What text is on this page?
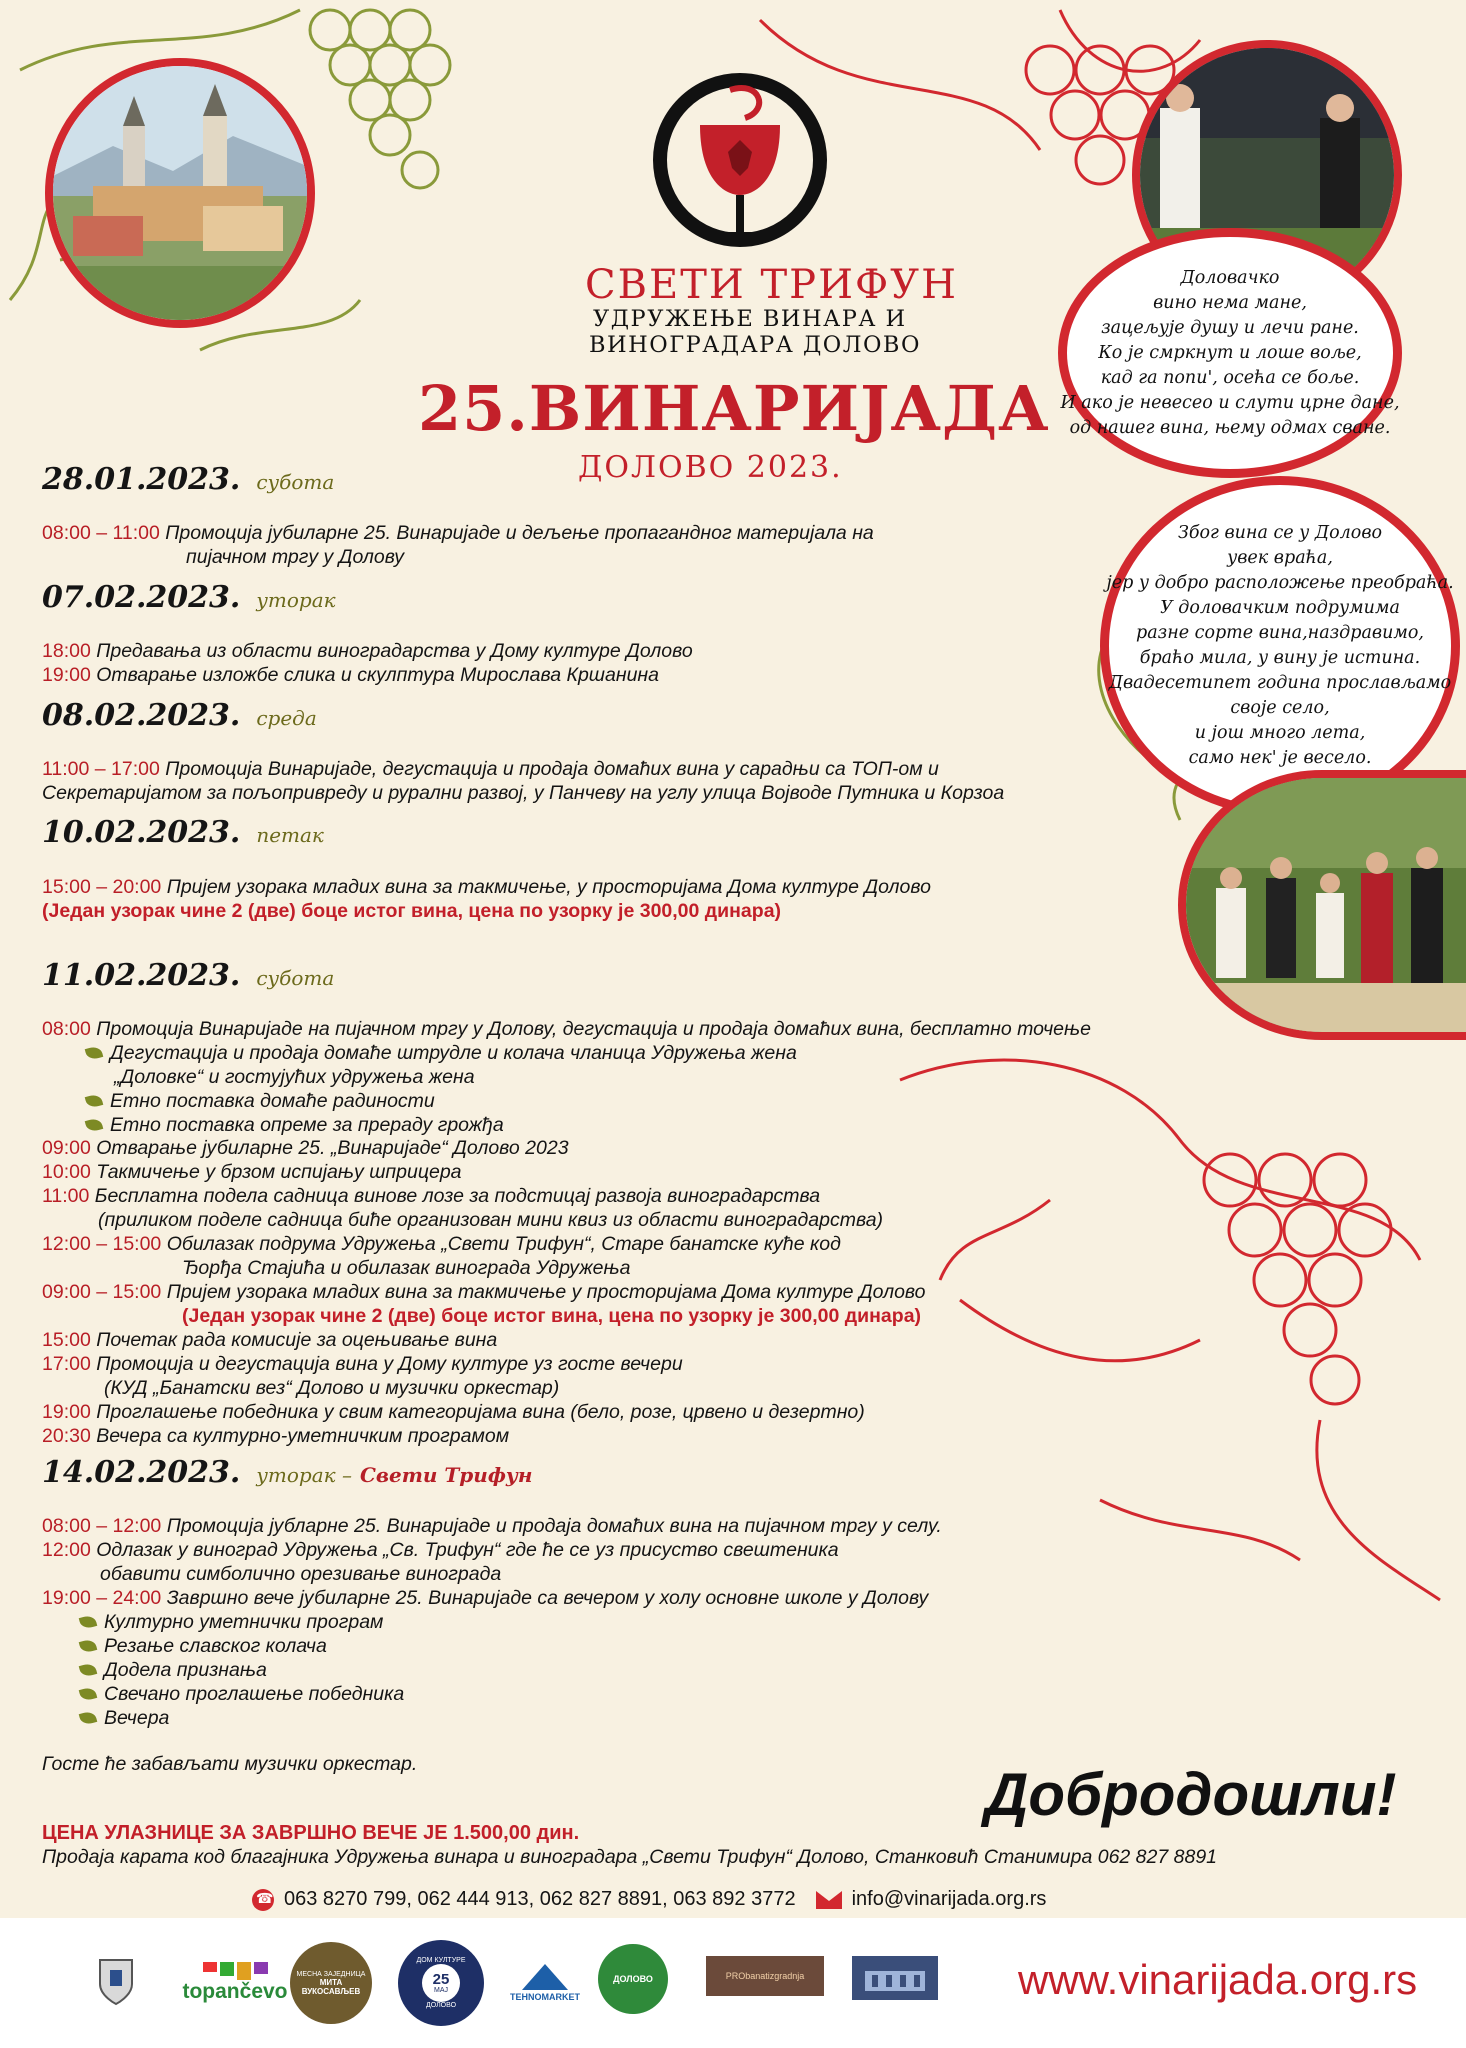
СВЕТИ ТРИФУН
УДРУЖЕЊЕ ВИНАРА И
ВИНОГРАДАРА ДОЛОВО
25.ВИНАРИЈАДА
ДОЛОВО 2023.
Доловачко
вино нема мане,
зацељује душу и лечи ране.
Ко је смркнут и лоше воље,
кад га попи', осећа се боље.
И ако је невесео и слути црне дане,
од нашег вина, њему одмах сване.
Због вина се у Долово
увек враћа,
јер у добро расположење преобраћа.
У доловачким подрумима
разне сорте вина,наздравимо,
браћо мила, у вину је истина.
Двадесетипет година прослављамо
своје село,
и још много лета,
само нек' је весело.
28.01.2023. субота
08:00 – 11:00 Промоција јубиларне 25. Винаријаде и дељење пропагандног материјала на
пијачном тргу у Долову
07.02.2023. уторак
18:00 Предавања из области виноградарства у Дому културе Долово
19:00 Отварање изложбе слика и скулптура Мирослава Кршанина
08.02.2023. среда
11:00 – 17:00 Промоција Винаријаде, дегустација и продаја домаћих вина у сарадњи са ТОП-ом и
Секретаријатом за пољопривреду и рурални развој, у Панчеву на углу улица Војводе Путника и Корзоа
10.02.2023. петак
15:00 – 20:00 Пријем узорака младих вина за такмичење, у просторијама Дома културе Долово
(Један узорак чине 2 (две) боце истог вина, цена по узорку је 300,00 динара)
11.02.2023. субота
08:00 Промоција Винаријаде на пијачном тргу у Долову, дегустација и продаја домаћих вина, бесплатно точење
Дегустација и продаја домаће штрудле и колача чланица Удружења жена
„Доловке“ и гостујућих удружења жена
Етно поставка домаће радиности
Етно поставка опреме за прераду грожђа
09:00 Отварање јубиларне 25. „Винаријаде“ Долово 2023
10:00 Такмичење у брзом испијању шприцера
11:00 Бесплатна подела садница винове лозе за подстицај развоја виноградарства
(приликом поделе садница биће организован мини квиз из области виноградарства)
12:00 – 15:00 Обилазак подрума Удружења „Свети Трифун“, Старе банатске куће код
Ђорђа Стајића и обилазак винограда Удружења
09:00 – 15:00 Пријем узорака младих вина за такмичење у просторијама Дома културе Долово
(Један узорак чине 2 (две) боце истог вина, цена по узорку је 300,00 динара)
15:00 Почетак рада комисије за оцењивање вина
17:00 Промоција и дегустација вина у Дому културе уз госте вечери
(КУД „Банатски вез“ Долово и музички оркестар)
19:00 Проглашење победника у свим категоријама вина (бело, розе, црвено и дезертно)
20:30 Вечера са културно-уметничким програмом
14.02.2023. уторак – Свети Трифун
08:00 – 12:00 Промоција јубларне 25. Винаријаде и продаја домаћих вина на пијачном тргу у селу.
12:00 Одлазак у виноград Удружења „Св. Трифун“ где ће се уз присуство свештеника
обавити симболично орезивање винограда
19:00 – 24:00 Завршно вече јубиларне 25. Винаријаде са вечером у холу основне школе у Долову
Културно уметнички програм
Резање славског колача
Додела признања
Свечано проглашење победника
Вечера
Госте ће забављати музички оркестар.	Добродошли!
ЦЕНА УЛАЗНИЦЕ ЗА ЗАВРШНО ВЕЧЕ ЈЕ 1.500,00 дин.
Продаја карата код благајника Удружења винара и виноградара „Свети Трифун“ Долово, Станковић Станимира 062 827 8891
☎
063 8270 799, 062 444 913, 062 827 8891, 063 892 3772	info@vinarijada.org.rs
topančevo
МЕСНА ЗАЈЕДНИЦА
МИТА ВУКОСАВЉЕВ
ДОМ КУЛТУРЕ
25
МАЈ
ДОЛОВО
TEHNOMARKET
ДОЛОВО	PRObanatizgradnja	www.vinarijada.org.rs
